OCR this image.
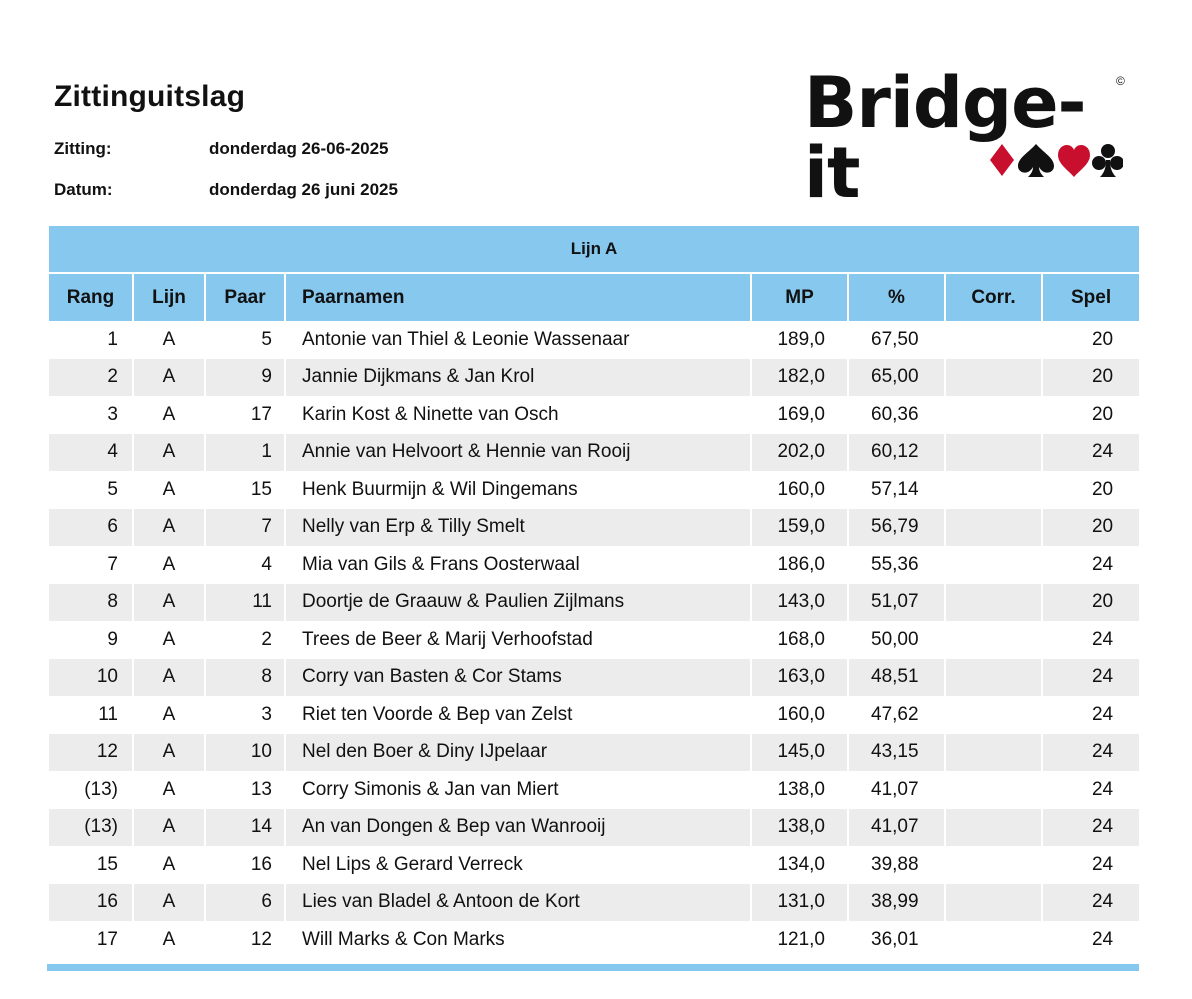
Zittinguitslag
Zitting:	donderdag 26-06-2025
Datum:	donderdag 26 juni 2025
Bridge-it
©
Lijn A							
Rang	Lijn	Paar	Paarnamen	MP	%	Corr.	Spel
1	A	5	Antonie van Thiel & Leonie Wassenaar	189,0	67,50		20
2	A	9	Jannie Dijkmans & Jan Krol	182,0	65,00		20
3	A	17	Karin Kost & Ninette van Osch	169,0	60,36		20
4	A	1	Annie van Helvoort & Hennie van Rooij	202,0	60,12		24
5	A	15	Henk Buurmijn & Wil Dingemans	160,0	57,14		20
6	A	7	Nelly van Erp & Tilly Smelt	159,0	56,79		20
7	A	4	Mia van Gils & Frans Oosterwaal	186,0	55,36		24
8	A	11	Doortje de Graauw & Paulien Zijlmans	143,0	51,07		20
9	A	2	Trees de Beer & Marij Verhoofstad	168,0	50,00		24
10	A	8	Corry van Basten & Cor Stams	163,0	48,51		24
11	A	3	Riet ten Voorde & Bep van Zelst	160,0	47,62		24
12	A	10	Nel den Boer & Diny IJpelaar	145,0	43,15		24
(13)	A	13	Corry Simonis & Jan van Miert	138,0	41,07		24
(13)	A	14	An van Dongen & Bep van Wanrooij	138,0	41,07		24
15	A	16	Nel Lips & Gerard Verreck	134,0	39,88		24
16	A	6	Lies van Bladel & Antoon de Kort	131,0	38,99		24
17	A	12	Will Marks & Con Marks	121,0	36,01		24
